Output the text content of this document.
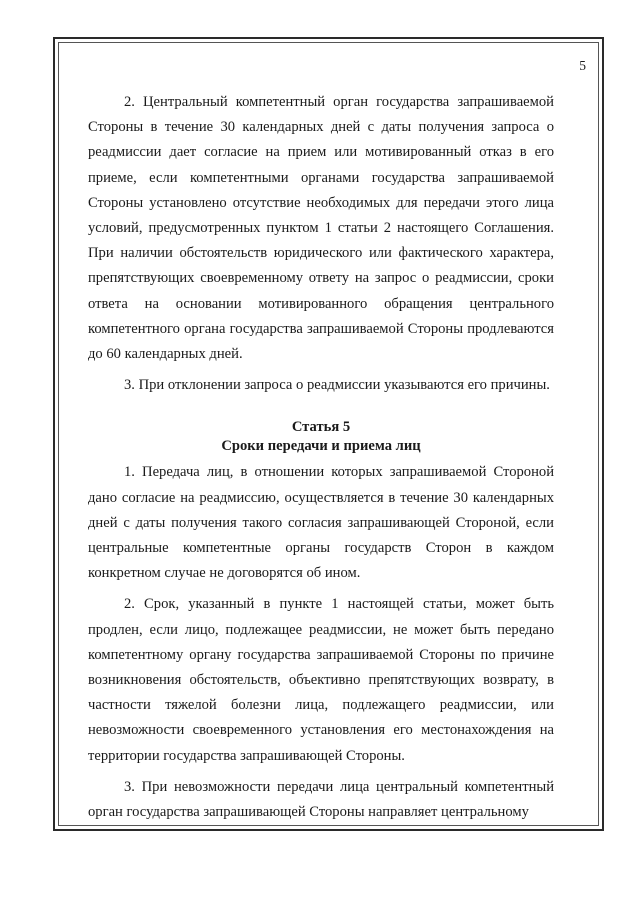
5

2. Центральный компетентный орган государства запрашиваемой Стороны в течение 30 календарных дней с даты получения запроса о реадмиссии дает согласие на прием или мотивированный отказ в его приеме, если компетентными органами государства запрашиваемой Стороны установлено отсутствие необходимых для передачи этого лица условий, предусмотренных пунктом 1 статьи 2 настоящего Соглашения. При наличии обстоятельств юридического или фактического характера, препятствующих своевременному ответу на запрос о реадмиссии, сроки ответа на основании мотивированного обращения центрального компетентного органа государства запрашиваемой Стороны продлеваются до 60 календарных дней.

3. При отклонении запроса о реадмиссии указываются его причины.

Статья 5
Сроки передачи и приема лиц

1. Передача лиц, в отношении которых запрашиваемой Стороной дано согласие на реадмиссию, осуществляется в течение 30 календарных дней с даты получения такого согласия запрашивающей Стороной, если центральные компетентные органы государств Сторон в каждом конкретном случае не договорятся об ином.

2. Срок, указанный в пункте 1 настоящей статьи, может быть продлен, если лицо, подлежащее реадмиссии, не может быть передано компетентному органу государства запрашиваемой Стороны по причине возникновения обстоятельств, объективно препятствующих возврату, в частности тяжелой болезни лица, подлежащего реадмиссии, или невозможности своевременного установления его местонахождения на территории государства запрашивающей Стороны.

3. При невозможности передачи лица центральный компетентный орган государства запрашивающей Стороны направляет центральному
